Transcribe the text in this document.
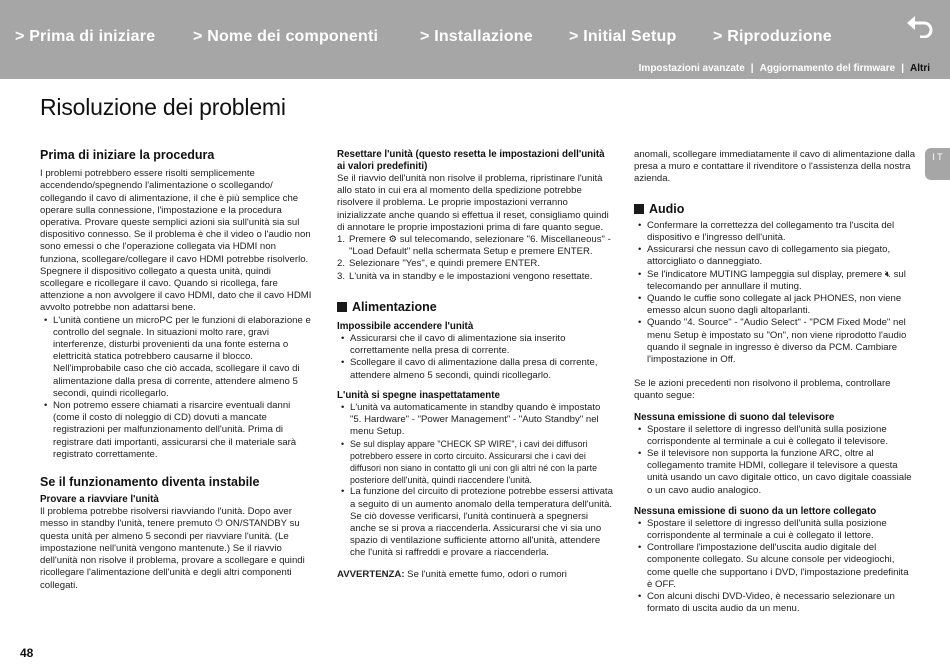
> Prima di iniziare > Nome dei componenti	> Installazione > Initial Setup > Riproduzione
Impostazioni avanzate | Aggiornamento del firmware | Altri
Risoluzione dei problemi
I T
Prima di iniziare la procedura

I problemi potrebbero essere risolti semplicemente accendendo/spegnendo l'alimentazione o scollegando/ collegando il cavo di alimentazione, il che è più semplice che operare sulla connessione, l'impostazione e la procedura operativa. Provare queste semplici azioni sia sull'unità sia sul dispositivo connesso. Se il problema è che il video o l'audio non sono emessi o che l'operazione collegata via HDMI non funziona, scollegare/collegare il cavo HDMI potrebbe risolverlo. Spegnere il dispositivo collegato a questa unità, quindi scollegare e ricollegare il cavo. Quando si ricollega, fare attenzione a non avvolgere il cavo HDMI, dato che il cavo HDMI avvolto potrebbe non adattarsi bene.

• L'unità contiene un microPC per le funzioni di elaborazione e controllo del segnale. In situazioni molto rare, gravi interferenze, disturbi provenienti da una fonte esterna o elettricità statica potrebbero causarne il blocco. Nell'improbabile caso che ciò accada, scollegare il cavo di alimentazione dalla presa di corrente, attendere almeno 5 secondi, quindi ricollegarlo.
• Non potremo essere chiamati a risarcire eventuali danni (come il costo di noleggio di CD) dovuti a mancate registrazioni per malfunzionamento dell'unità. Prima di registrare dati importanti, assicurarsi che il materiale sarà registrato correttamente.
Se il funzionamento diventa instabile
Provare a riavviare l'unità

Il problema potrebbe risolversi riavviando l'unità. Dopo aver messo in standby l'unità, tenere premuto ⏻ ON/STANDBY su questa unità per almeno 5 secondi per riavviare l'unità. (Le impostazione nell'unità vengono mantenute.) Se il riavvio dell'unità non risolve il problema, provare a scollegare e quindi ricollegare l'alimentazione dell'unità e degli altri componenti collegati.

Resettare l'unità (questo resetta le impostazioni dell'unità ai valori predefiniti)

Se il riavvio dell'unità non risolve il problema, ripristinare l'unità allo stato in cui era al momento della spedizione potrebbe risolvere il problema. Le proprie impostazioni verranno inizializzate anche quando si effettua il reset, consigliamo quindi di annotare le proprie impostazioni prima di fare quanto segue.

1. Premere ⚙ sul telecomando, selezionare "6. Miscellaneous" - "Load Default" nella schermata Setup e premere ENTER.
2. Selezionare "Yes", e quindi premere ENTER.
3. L'unità va in standby e le impostazioni vengono resettate.
Alimentazione
Impossibile accendere l'unità
• Assicurarsi che il cavo di alimentazione sia inserito correttamente nella presa di corrente.
• Scollegare il cavo di alimentazione dalla presa di corrente, attendere almeno 5 secondi, quindi ricollegarlo.
L'unità si spegne inaspettatamente
• L'unità va automaticamente in standby quando è impostato "5. Hardware" - "Power Management" - "Auto Standby" nel menu Setup.
• Se sul display appare "CHECK SP WIRE", i cavi dei diffusori potrebbero essere in corto circuito. Assicurarsi che i cavi dei diffusori non siano in contatto gli uni con gli altri né con la parte posteriore dell'unità, quindi riaccendere l'unità.
• La funzione del circuito di protezione potrebbe essersi attivata a seguito di un aumento anomalo della temperatura dell'unità. Se ciò dovesse verificarsi, l'unità continuerà a spegnersi anche se si prova a riaccenderla. Assicurarsi che vi sia uno spazio di ventilazione sufficiente attorno all'unità, attendere che l'unità si raffreddi e provare a riaccenderla.

AVVERTENZA: Se l'unità emette fumo, odori o rumori

anomali, scollegare immediatamente il cavo di alimentazione dalla presa a muro e contattare il rivenditore o l'assistenza della nostra azienda.

Audio
• Confermare la correttezza del collegamento tra l'uscita del dispositivo e l'ingresso dell'unità.
• Assicurarsi che nessun cavo di collegamento sia piegato, attorcigliato o danneggiato.
• Se l'indicatore MUTING lampeggia sul display, premere 🔇︎ sul telecomando per annullare il muting.
• Quando le cuffie sono collegate al jack PHONES, non viene emesso alcun suono dagli altoparlanti.
• Quando "4. Source" - "Audio Select" - "PCM Fixed Mode" nel menu Setup è impostato su "On", non viene riprodotto l'audio quando il segnale in ingresso è diverso da PCM. Cambiare l'impostazione in Off.

Se le azioni precedenti non risolvono il problema, controllare quanto segue:

Nessuna emissione di suono dal televisore
• Spostare il selettore di ingresso dell'unità sulla posizione corrispondente al terminale a cui è collegato il televisore.
• Se il televisore non supporta la funzione ARC, oltre al collegamento tramite HDMI, collegare il televisore a questa unità usando un cavo digitale ottico, un cavo digitale coassiale o un cavo audio analogico.
Nessuna emissione di suono da un lettore collegato
• Spostare il selettore di ingresso dell'unità sulla posizione corrispondente al terminale a cui è collegato il lettore.
• Controllare l'impostazione dell'uscita audio digitale del componente collegato. Su alcune console per videogiochi, come quelle che supportano i DVD, l'impostazione predefinita è OFF.
• Con alcuni dischi DVD-Video, è necessario selezionare un formato di uscita audio da un menu.
48
